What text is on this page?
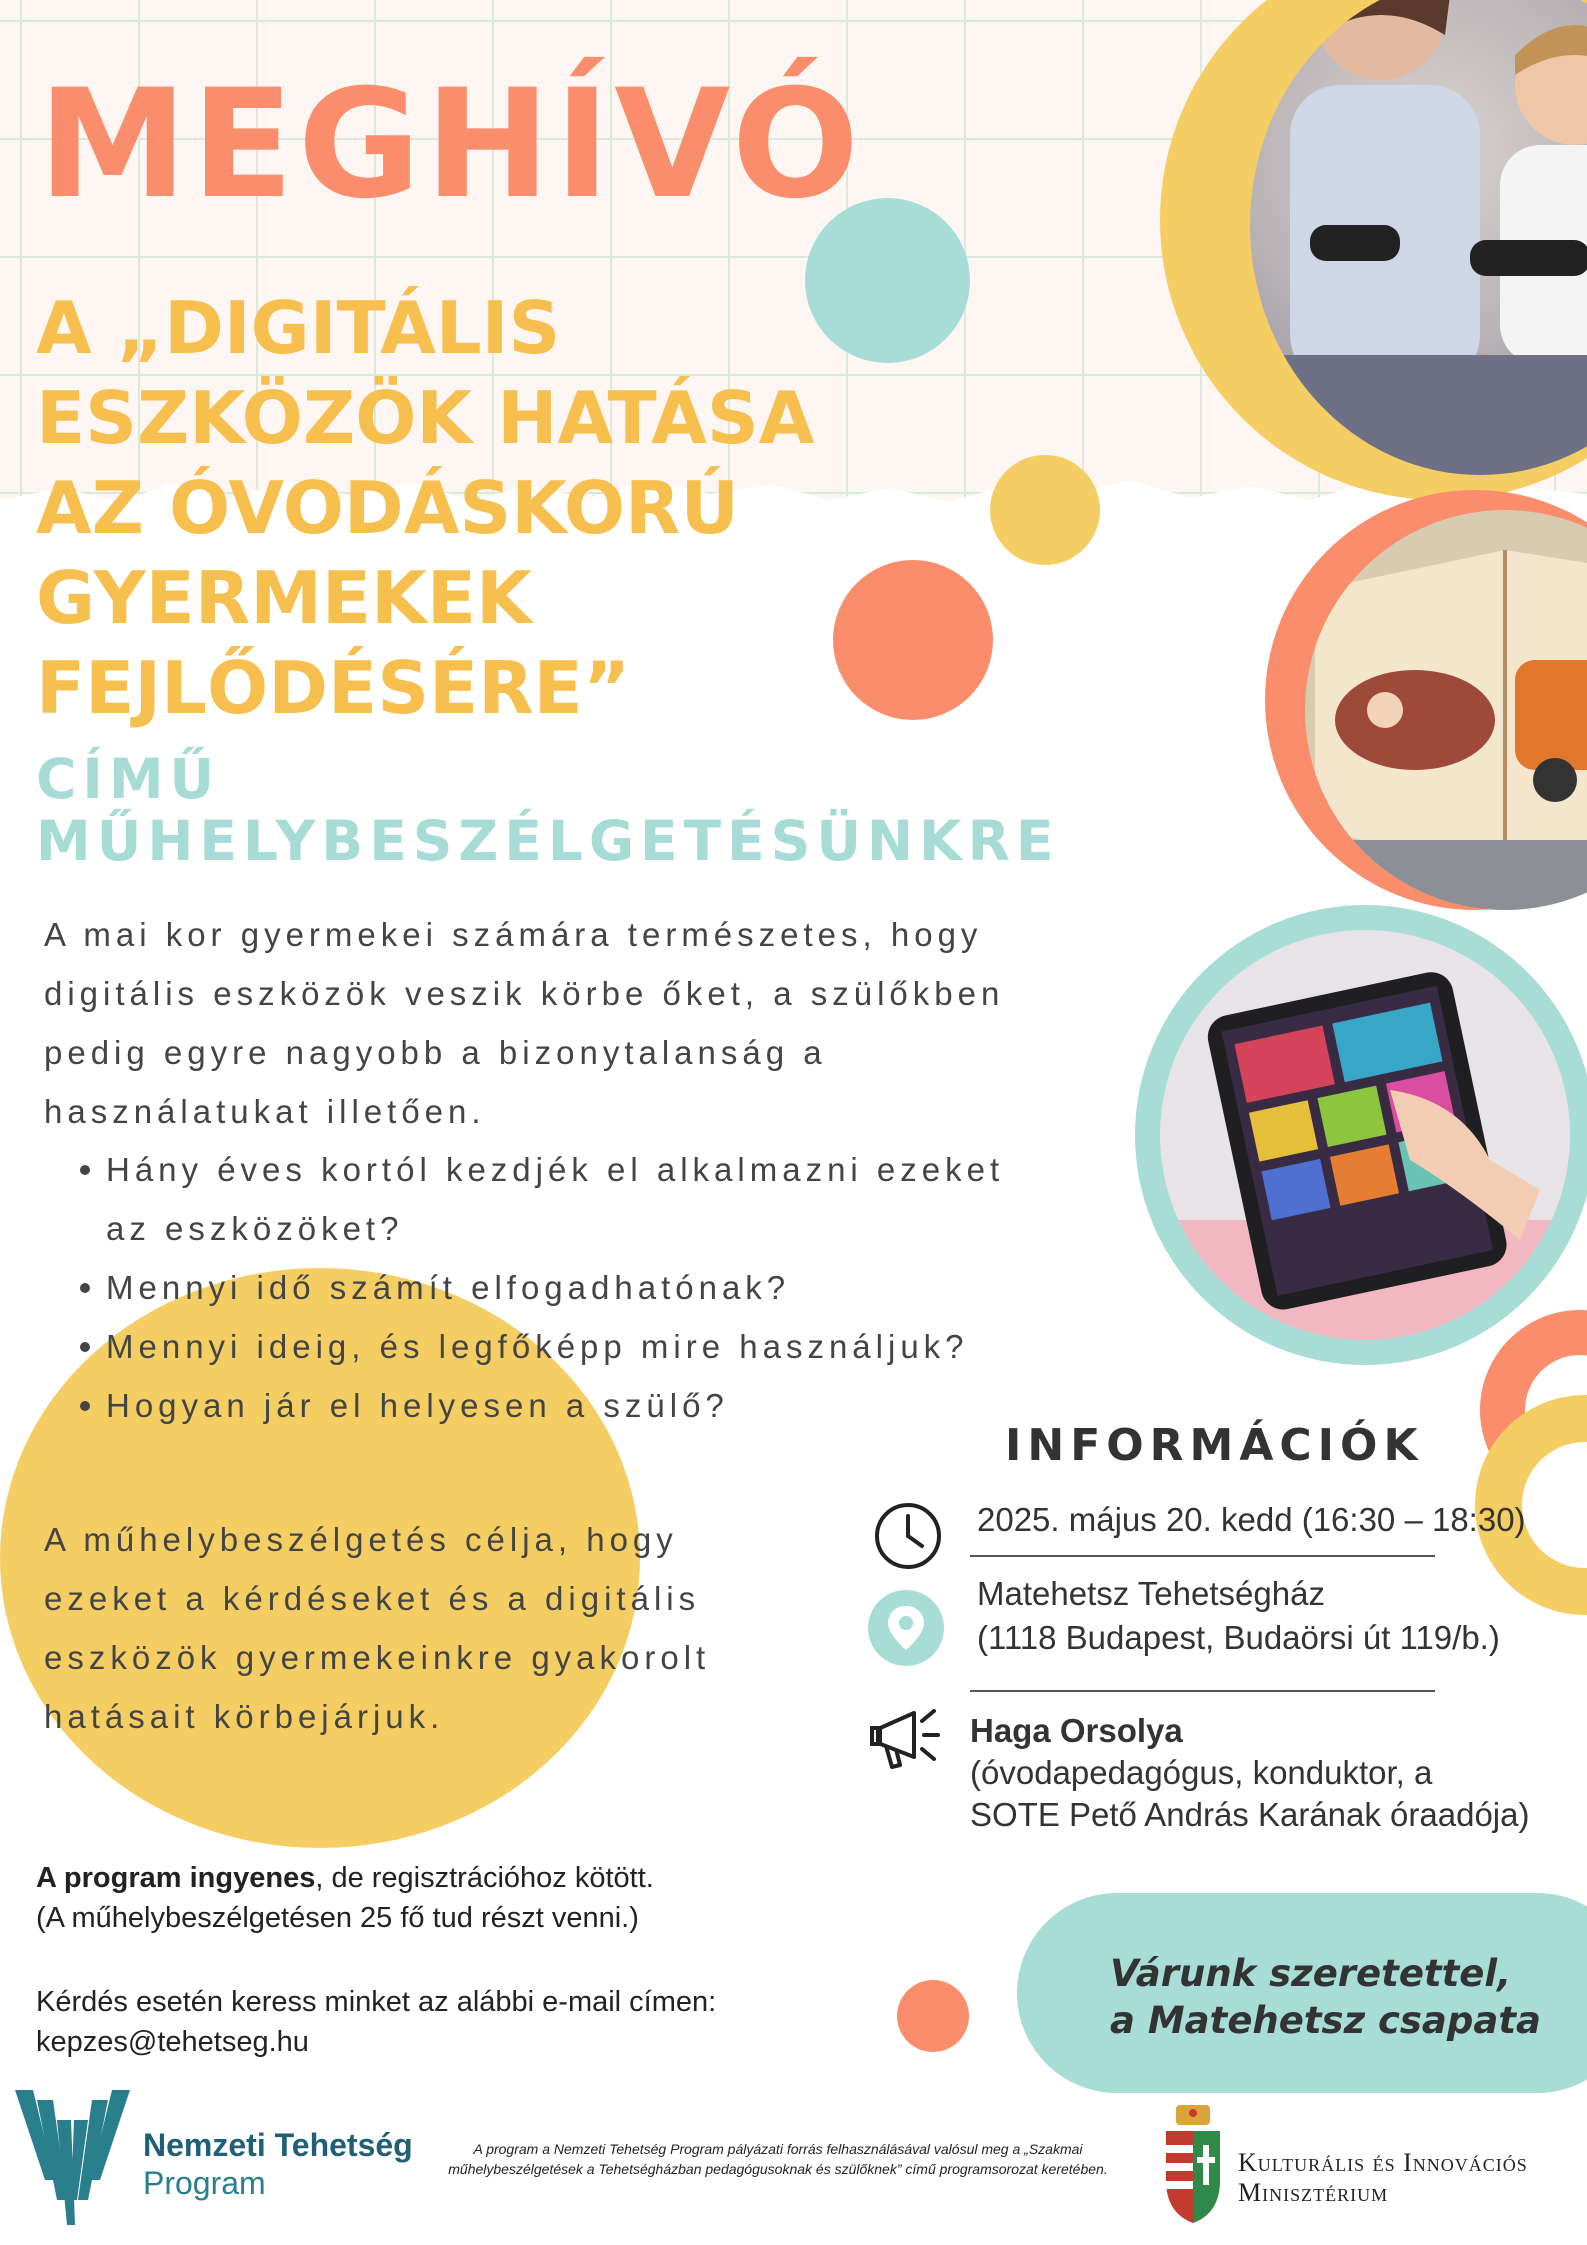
MEGHÍVÓ
A „DIGITÁLIS
ESZKÖZÖK HATÁSA
AZ ÓVODÁSKORÚ
GYERMEKEK
FEJLŐDÉSÉRE”
CÍMŰ
MŰHELYBESZÉLGETÉSÜNKRE
A mai kor gyermekei számára természetes, hogy
digitális eszközök veszik körbe őket, a szülőkben
pedig egyre nagyobb a bizonytalanság a
használatukat illetően.
Hány éves kortól kezdjék el alkalmazni ezeket
az eszközöket?
Mennyi idő számít elfogadhatónak?
Mennyi ideig, és legfőképp mire használjuk?
Hogyan jár el helyesen a szülő?
A műhelybeszélgetés célja, hogy
ezeket a kérdéseket és a digitális
eszközök gyermekeinkre gyakorolt
hatásait körbejárjuk.
INFORMÁCIÓK
2025. május 20. kedd (16:30 – 18:30)
Matehetsz Tehetségház
(1118 Budapest, Budaörsi út 119/b.)
Haga Orsolya
(óvodapedagógus, konduktor, a
SOTE Pető András Karának óraadója)
A program ingyenes, de regisztrációhoz kötött.
(A műhelybeszélgetésen 25 fő tud részt venni.)
Kérdés esetén keress minket az alábbi e-mail címen:
kepzes@tehetseg.hu
Várunk szeretettel,
a Matehetsz csapata
Nemzeti Tehetség
Program
A program a Nemzeti Tehetség Program pályázati forrás felhasználásával valósul meg a „Szakmai műhelybeszélgetések a Tehetségházban pedagógusoknak és szülőknek” című programsorozat keretében.	Kulturális és Innovációs
Minisztérium
